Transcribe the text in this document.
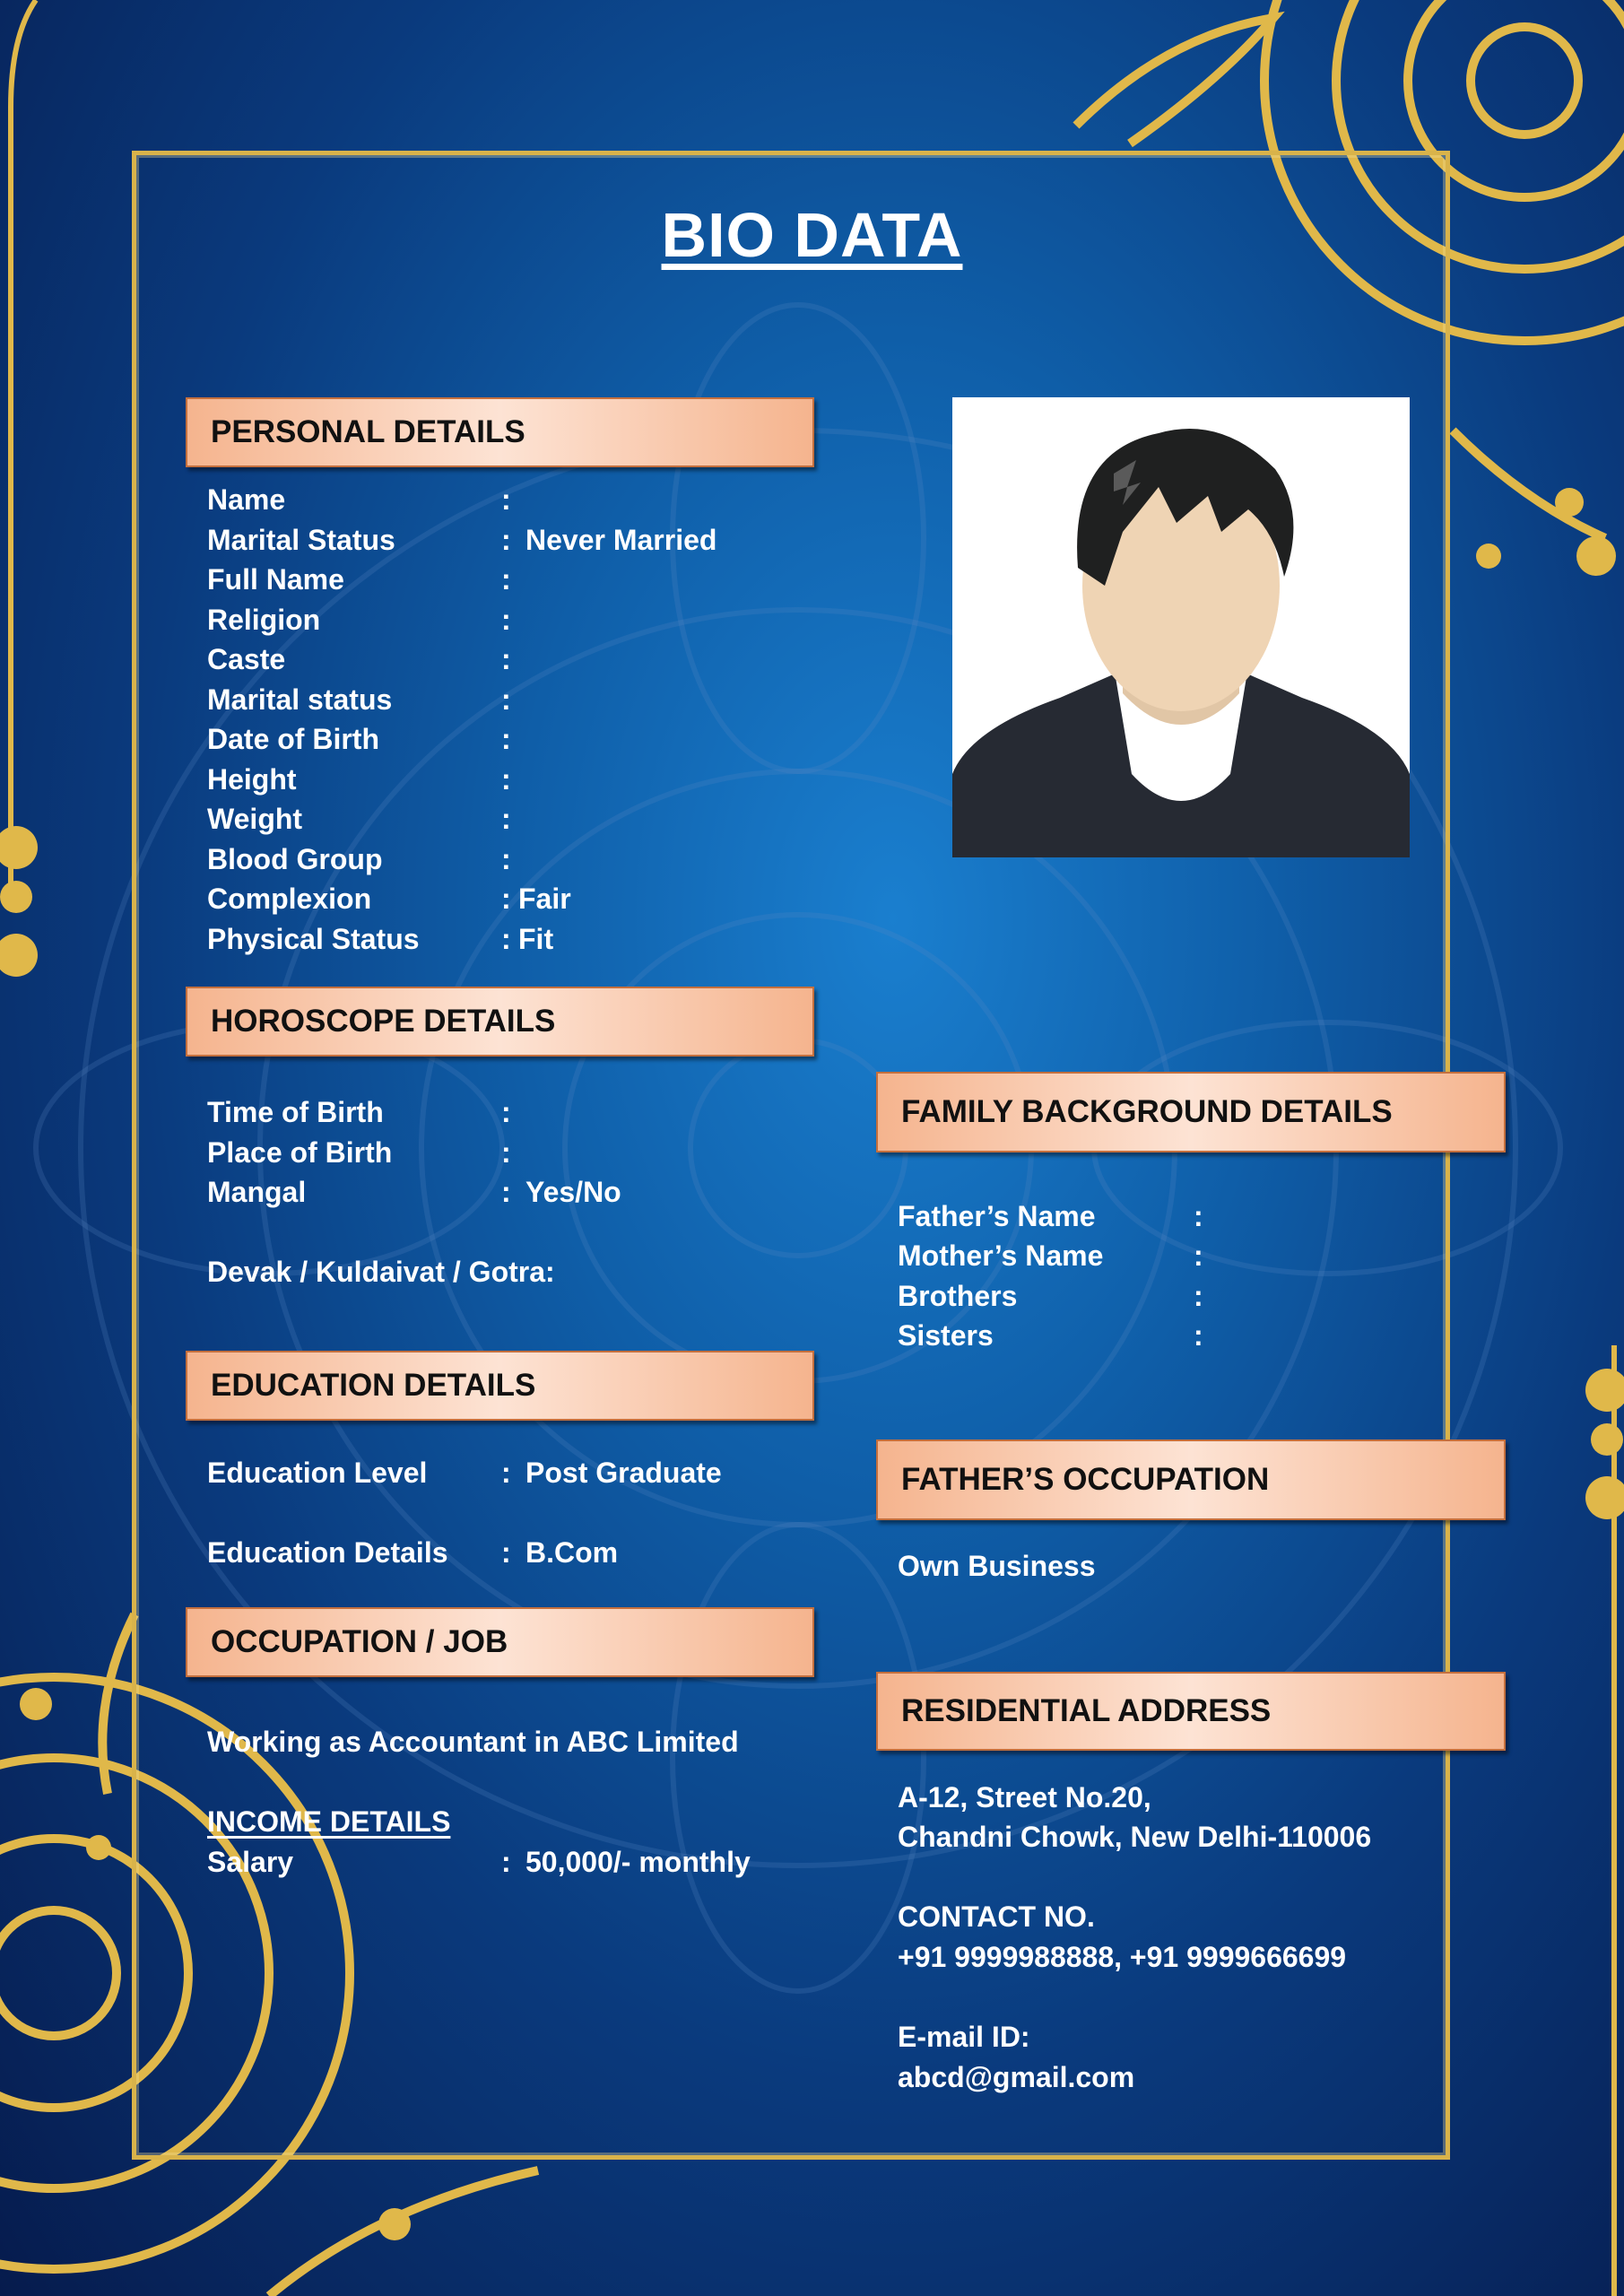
BIO DATA
PERSONAL DETAILS
Name	:
Marital Status	: Never Married
Full Name	:
Religion	:
Caste	:
Marital status	:
Date of Birth	:
Height	:
Weight	:
Blood Group	:
Complexion	: Fair
Physical Status	: Fit
HOROSCOPE DETAILS
Time of Birth	:
Place of Birth	:
Mangal	: Yes/No
Devak / Kuldaivat / Gotra:
EDUCATION DETAILS
Education Level	: Post Graduate
Education Details : B.Com
OCCUPATION / JOB
Working as Accountant in ABC Limited
INCOME DETAILS
Salary	: 50,000/- monthly
FAMILY BACKGROUND DETAILS
Father’s Name	:
Mother’s Name	:
Brothers	:
Sisters	:
FATHER’S OCCUPATION
Own Business
RESIDENTIAL ADDRESS
A-12, Street No.20,
Chandni Chowk, New Delhi-110006
CONTACT NO.
+91 9999988888, +91 9999666699
E-mail ID:
abcd@gmail.com
